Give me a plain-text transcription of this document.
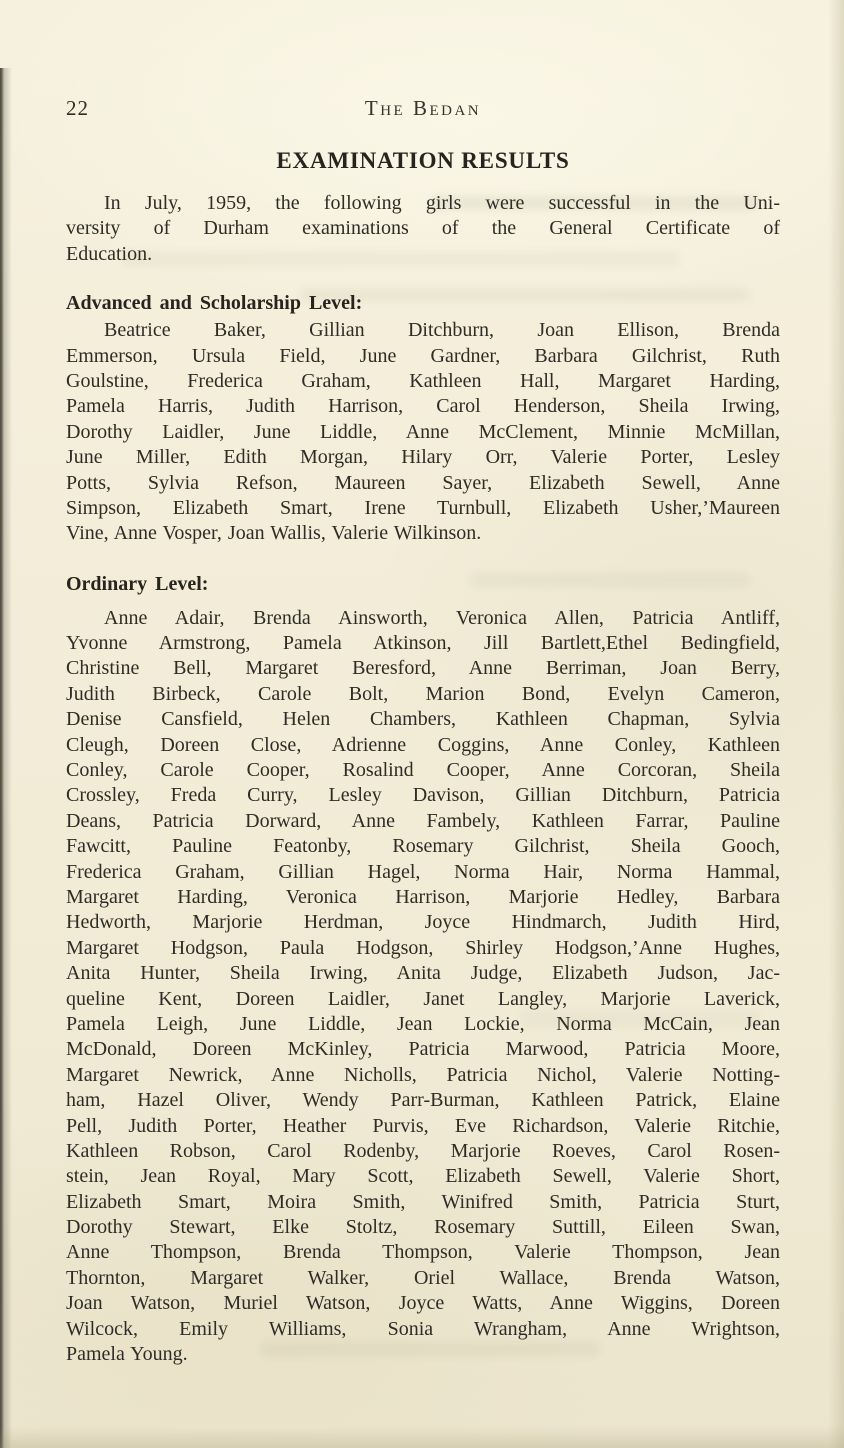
22	The Bedan
EXAMINATION RESULTS
In July, 1959, the following girls were successful in the Uni-
versity of Durham examinations of the General Certificate of
Education.
Advanced and Scholarship Level:
Beatrice Baker, Gillian Ditchburn, Joan Ellison, Brenda
Emmerson, Ursula Field, June Gardner, Barbara Gilchrist, Ruth
Goulstine, Frederica Graham, Kathleen Hall, Margaret Harding,
Pamela Harris, Judith Harrison, Carol Henderson, Sheila Irwing,
Dorothy Laidler, June Liddle, Anne McClement, Minnie McMillan,
June Miller, Edith Morgan, Hilary Orr, Valerie Porter, Lesley
Potts, Sylvia Refson, Maureen Sayer, Elizabeth Sewell, Anne
Simpson, Elizabeth Smart, Irene Turnbull, Elizabeth Usher,’Maureen
Vine, Anne Vosper, Joan Wallis, Valerie Wilkinson.
Ordinary Level:
Anne Adair, Brenda Ainsworth, Veronica Allen, Patricia Antliff,
Yvonne Armstrong, Pamela Atkinson, Jill Bartlett,Ethel Bedingfield,
Christine Bell, Margaret Beresford, Anne Berriman, Joan Berry,
Judith Birbeck, Carole Bolt, Marion Bond, Evelyn Cameron,
Denise Cansfield, Helen Chambers, Kathleen Chapman, Sylvia
Cleugh, Doreen Close, Adrienne Coggins, Anne Conley, Kathleen
Conley, Carole Cooper, Rosalind Cooper, Anne Corcoran, Sheila
Crossley, Freda Curry, Lesley Davison, Gillian Ditchburn, Patricia
Deans, Patricia Dorward, Anne Fambely, Kathleen Farrar, Pauline
Fawcitt, Pauline Featonby, Rosemary Gilchrist, Sheila Gooch,
Frederica Graham, Gillian Hagel, Norma Hair, Norma Hammal,
Margaret Harding, Veronica Harrison, Marjorie Hedley, Barbara
Hedworth, Marjorie Herdman, Joyce Hindmarch, Judith Hird,
Margaret Hodgson, Paula Hodgson, Shirley Hodgson,’Anne Hughes,
Anita Hunter, Sheila Irwing, Anita Judge, Elizabeth Judson, Jac-
queline Kent, Doreen Laidler, Janet Langley, Marjorie Laverick,
Pamela Leigh, June Liddle, Jean Lockie, Norma McCain, Jean
McDonald, Doreen McKinley, Patricia Marwood, Patricia Moore,
Margaret Newrick, Anne Nicholls, Patricia Nichol, Valerie Notting-
ham, Hazel Oliver, Wendy Parr-Burman, Kathleen Patrick, Elaine
Pell, Judith Porter, Heather Purvis, Eve Richardson, Valerie Ritchie,
Kathleen Robson, Carol Rodenby, Marjorie Roeves, Carol Rosen-
stein, Jean Royal, Mary Scott, Elizabeth Sewell, Valerie Short,
Elizabeth Smart, Moira Smith, Winifred Smith, Patricia Sturt,
Dorothy Stewart, Elke Stoltz, Rosemary Suttill, Eileen Swan,
Anne Thompson, Brenda Thompson, Valerie Thompson, Jean
Thornton, Margaret Walker, Oriel Wallace, Brenda Watson,
Joan Watson, Muriel Watson, Joyce Watts, Anne Wiggins, Doreen
Wilcock, Emily Williams, Sonia Wrangham, Anne Wrightson,
Pamela Young.
